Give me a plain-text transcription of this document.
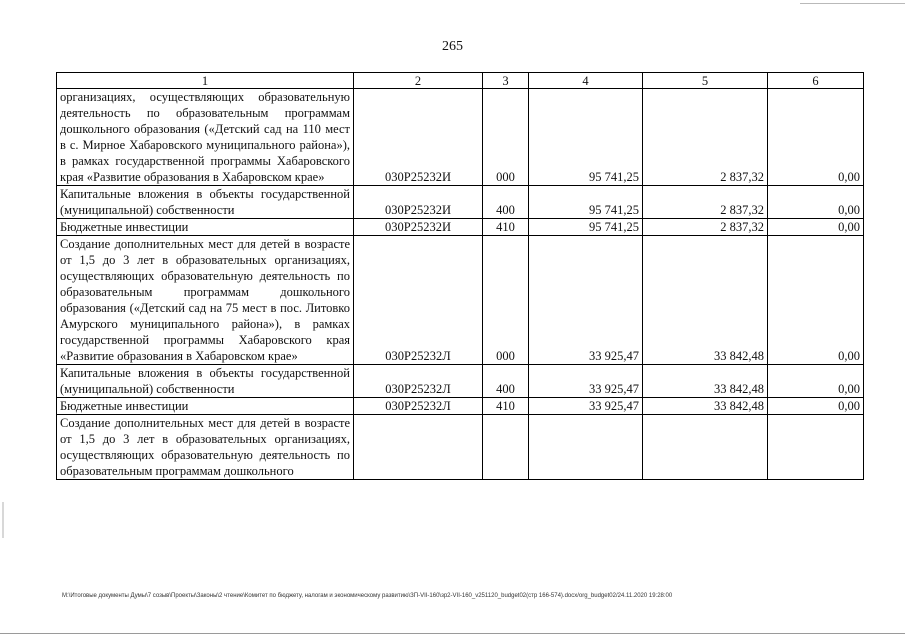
265
1	2	3	4	5	6
организациях, осуществляющих образовательную деятельность по образовательным программам дошкольного образования («Детский сад на 110 мест в с. Мирное Хабаровского муниципального района»), в рамках государственной программы Хабаровского края «Развитие образования в Хабаровском крае»	030P25232И	000	95 741,25	2 837,32	0,00
Капитальные вложения в объекты государственной (муниципальной) собственности	030P25232И	400	95 741,25	2 837,32	0,00
Бюджетные инвестиции	030P25232И	410	95 741,25	2 837,32	0,00
Создание дополнительных мест для детей в возрасте от 1,5 до 3 лет в образовательных организациях, осуществляющих образовательную деятельность по образовательным программам дошкольного образования («Детский сад на 75 мест в пос. Литовко Амурского муниципального района»), в рамках государственной программы Хабаровского края «Развитие образования в Хабаровском крае»	030P25232Л	000	33 925,47	33 842,48	0,00
Капитальные вложения в объекты государственной (муниципальной) собственности	030P25232Л	400	33 925,47	33 842,48	0,00
Бюджетные инвестиции	030P25232Л	410	33 925,47	33 842,48	0,00
Создание дополнительных мест для детей в возрасте от 1,5 до 3 лет в образовательных организациях, осуществляющих образовательную деятельность по образовательным программам дошкольного					
M:\Итоговые документы Думы\7 созыв\Проекты\Законы\2 чтение\Комитет по бюджету, налогам и экономическому развитию\ЗП-VII-160\зр2-VII-160_v251120_budget02(стр 166-574).docx/org_budget02/24.11.2020 19:28:00
